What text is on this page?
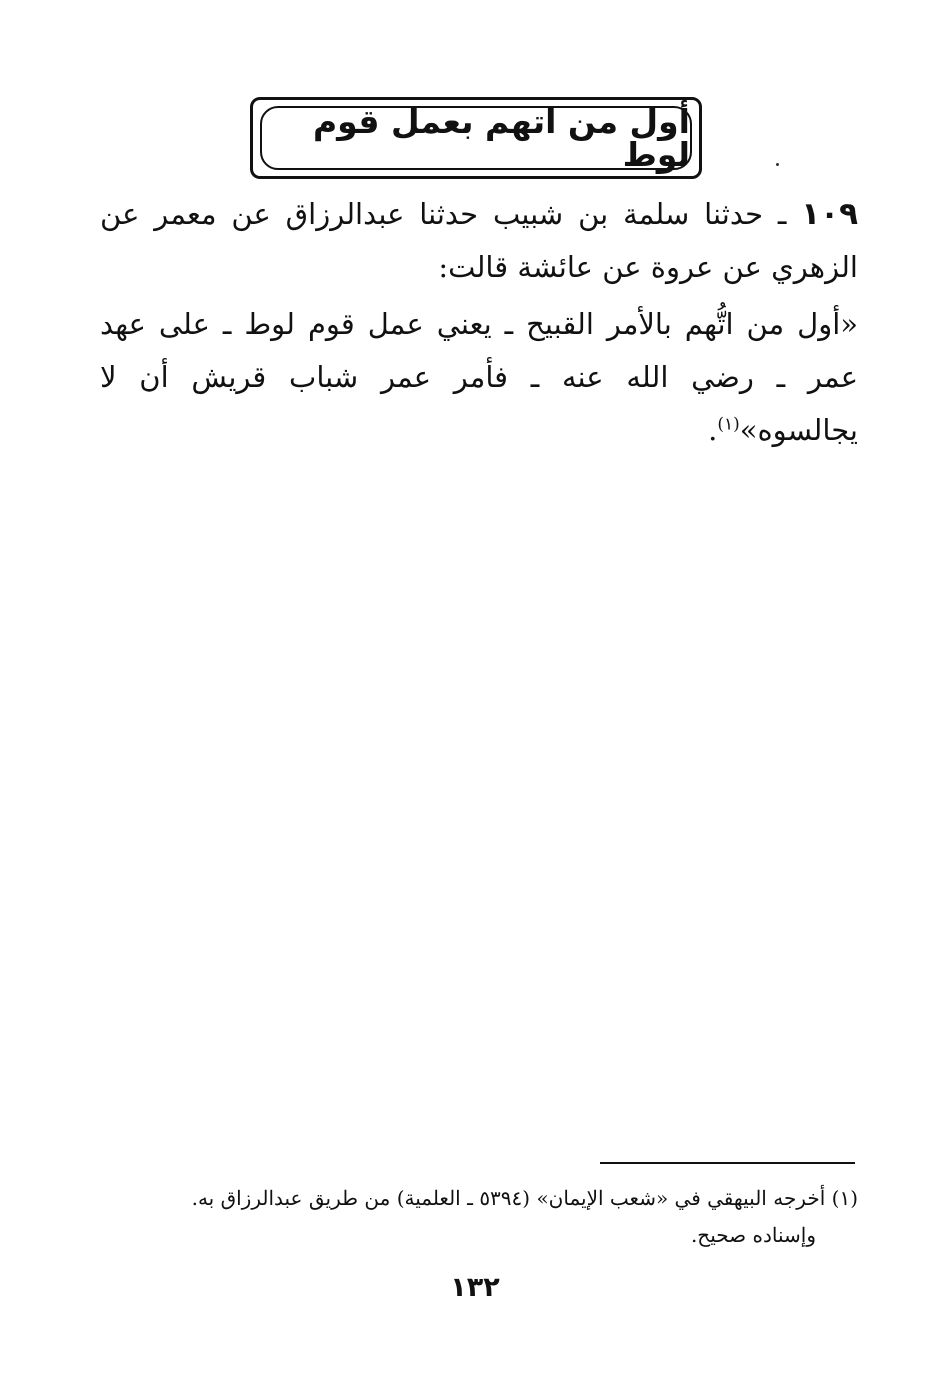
أول من اتهم بعمل قوم لوط
١٠٩ ـ حدثنا سلمة بن شبيب حدثنا عبدالرزاق عن معمر عن الزهري عن عروة عن عائشة قالت:
«أول من اتُّهم بالأمر القبيح ـ يعني عمل قوم لوط ـ على عهد عمر ـ رضي الله عنه ـ فأمر عمر شباب قريش أن لا يجالسوه»$^{(١)}$.
(١) أخرجه البيهقي في «شعب الإيمان» (٥٣٩٤ ـ العلمية) من طريق عبدالرزاق به.
وإسناده صحيح.
١٣٢
